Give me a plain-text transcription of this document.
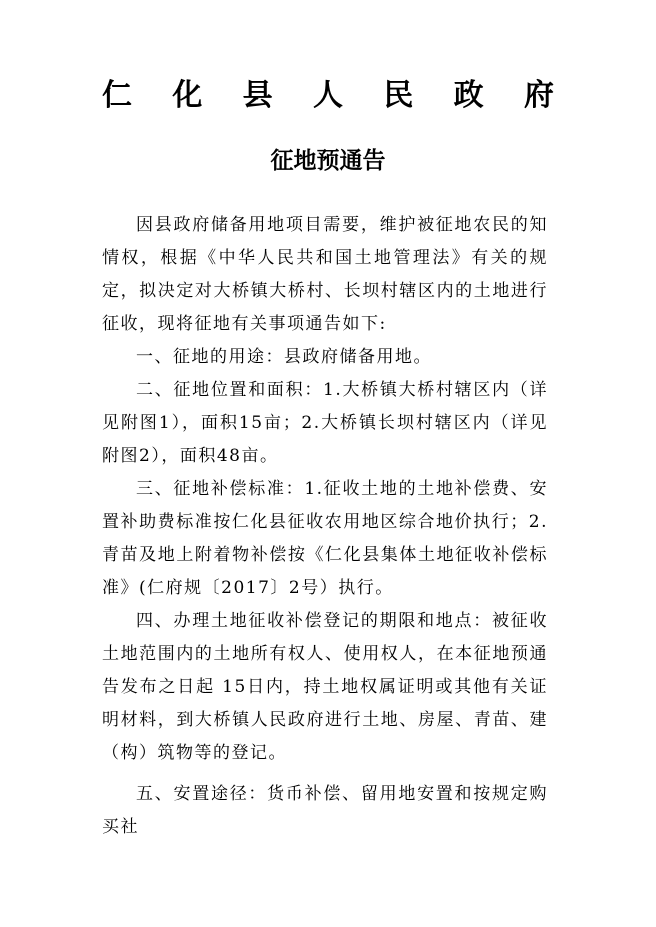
仁 化 县 人 民 政 府
征地预通告

因县政府储备用地项目需要，维护被征地农民的知情权，根据《中华人民共和国土地管理法》有关的规定，拟决定对大桥镇大桥村、长坝村辖区内的土地进行征收，现将征地有关事项通告如下:

一、征地的用途：县政府储备用地。

二、征地位置和面积：1.大桥镇大桥村辖区内（详见附图1），面积15亩；2.大桥镇长坝村辖区内（详见附图2），面积48亩。

三、征地补偿标准：1.征收土地的土地补偿费、安置补助费标准按仁化县征收农用地区综合地价执行；2.青苗及地上附着物补偿按《仁化县集体土地征收补偿标准》(仁府规〔2017〕2号）执行。

四、办理土地征收补偿登记的期限和地点：被征收土地范围内的土地所有权人、使用权人，在本征地预通告发布之日起 15日内，持土地权属证明或其他有关证明材料，到大桥镇人民政府进行土地、房屋、青苗、建（构）筑物等的登记。

五、安置途径：货币补偿、留用地安置和按规定购买社
